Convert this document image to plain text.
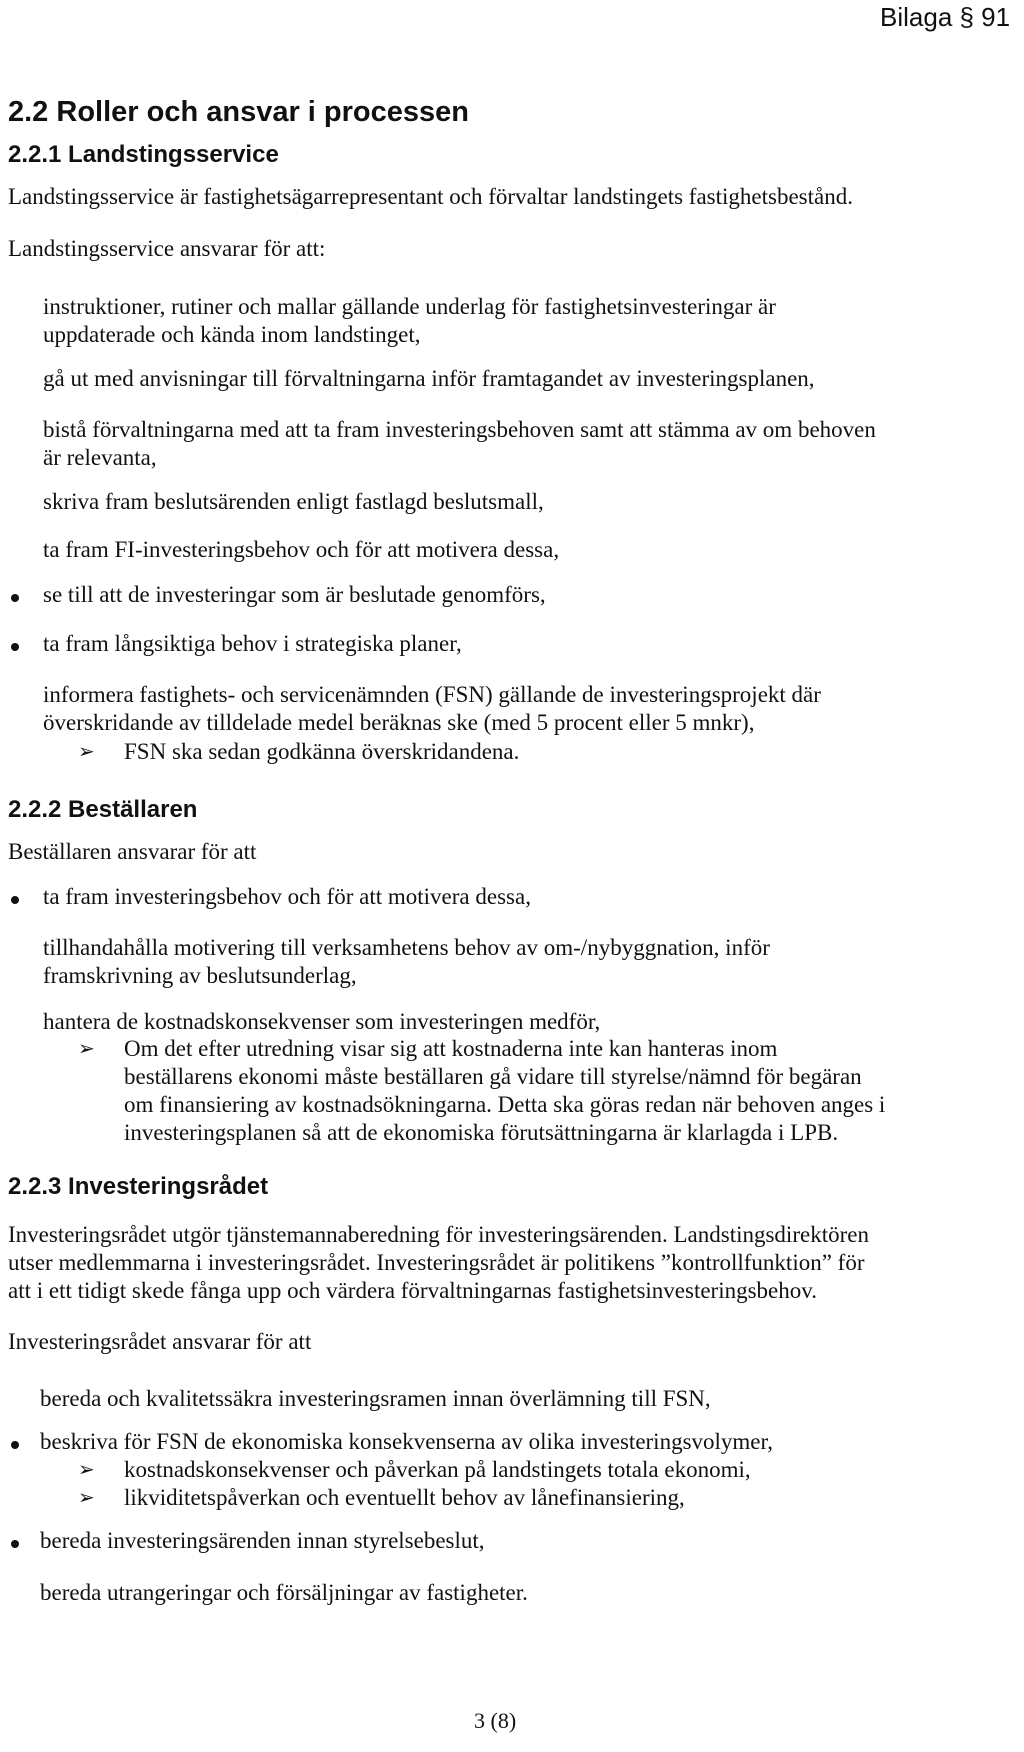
Bilaga § 91
2.2 Roller och ansvar i processen
2.2.1 Landstingsservice
Landstingsservice är fastighetsägarrepresentant och förvaltar landstingets fastighetsbestånd.
Landstingsservice ansvarar för att:
instruktioner, rutiner och mallar gällande underlag för fastighetsinvesteringar är
uppdaterade och kända inom landstinget,
gå ut med anvisningar till förvaltningarna inför framtagandet av investeringsplanen,
bistå förvaltningarna med att ta fram investeringsbehoven samt att stämma av om behoven
är relevanta,
skriva fram beslutsärenden enligt fastlagd beslutsmall,
ta fram FI-investeringsbehov och för att motivera dessa,
se till att de investeringar som är beslutade genomförs,
ta fram långsiktiga behov i strategiska planer,
informera fastighets- och servicenämnden (FSN) gällande de investeringsprojekt där
överskridande av tilldelade medel beräknas ske (med 5 procent eller 5 mnkr),
➢ FSN ska sedan godkänna överskridandena.
2.2.2 Beställaren
Beställaren ansvarar för att
ta fram investeringsbehov och för att motivera dessa,
tillhandahålla motivering till verksamhetens behov av om-/nybyggnation, inför
framskrivning av beslutsunderlag,
hantera de kostnadskonsekvenser som investeringen medför,
➢ Om det efter utredning visar sig att kostnaderna inte kan hanteras inom
beställarens ekonomi måste beställaren gå vidare till styrelse/nämnd för begäran
om finansiering av kostnadsökningarna. Detta ska göras redan när behoven anges i
investeringsplanen så att de ekonomiska förutsättningarna är klarlagda i LPB.
2.2.3 Investeringsrådet
Investeringsrådet utgör tjänstemannaberedning för investeringsärenden. Landstingsdirektören
utser medlemmarna i investeringsrådet. Investeringsrådet är politikens ”kontrollfunktion” för
att i ett tidigt skede fånga upp och värdera förvaltningarnas fastighetsinvesteringsbehov.
Investeringsrådet ansvarar för att
bereda och kvalitetssäkra investeringsramen innan överlämning till FSN,
beskriva för FSN de ekonomiska konsekvenserna av olika investeringsvolymer,
➢ kostnadskonsekvenser och påverkan på landstingets totala ekonomi,
➢ likviditetspåverkan och eventuellt behov av lånefinansiering,
bereda investeringsärenden innan styrelsebeslut,
bereda utrangeringar och försäljningar av fastigheter.
3 (8)
